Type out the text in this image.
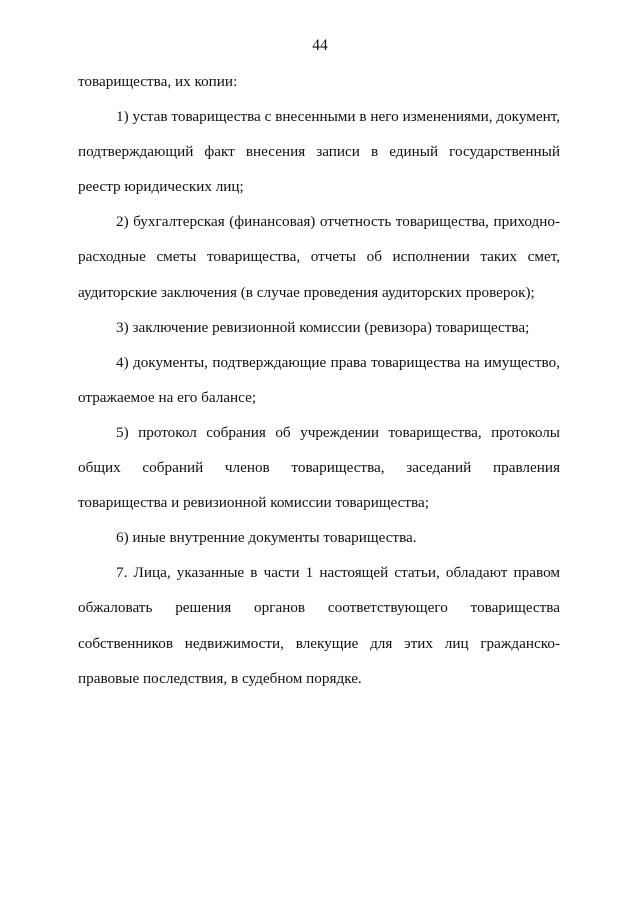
44

товарищества, их копии:

1) устав товарищества с внесенными в него изменениями, документ, подтверждающий факт внесения записи в единый государственный реестр юридических лиц;

2) бухгалтерская (финансовая) отчетность товарищества, приходно-расходные сметы товарищества, отчеты об исполнении таких смет, аудиторские заключения (в случае проведения аудиторских проверок);

3) заключение ревизионной комиссии (ревизора) товарищества;

4) документы, подтверждающие права товарищества на имущество, отражаемое на его балансе;

5) протокол собрания об учреждении товарищества, протоколы общих собраний членов товарищества, заседаний правления товарищества и ревизионной комиссии товарищества;

6) иные внутренние документы товарищества.

7. Лица, указанные в части 1 настоящей статьи, обладают правом обжаловать решения органов соответствующего товарищества собственников недвижимости, влекущие для этих лиц гражданско-правовые последствия, в судебном порядке.
